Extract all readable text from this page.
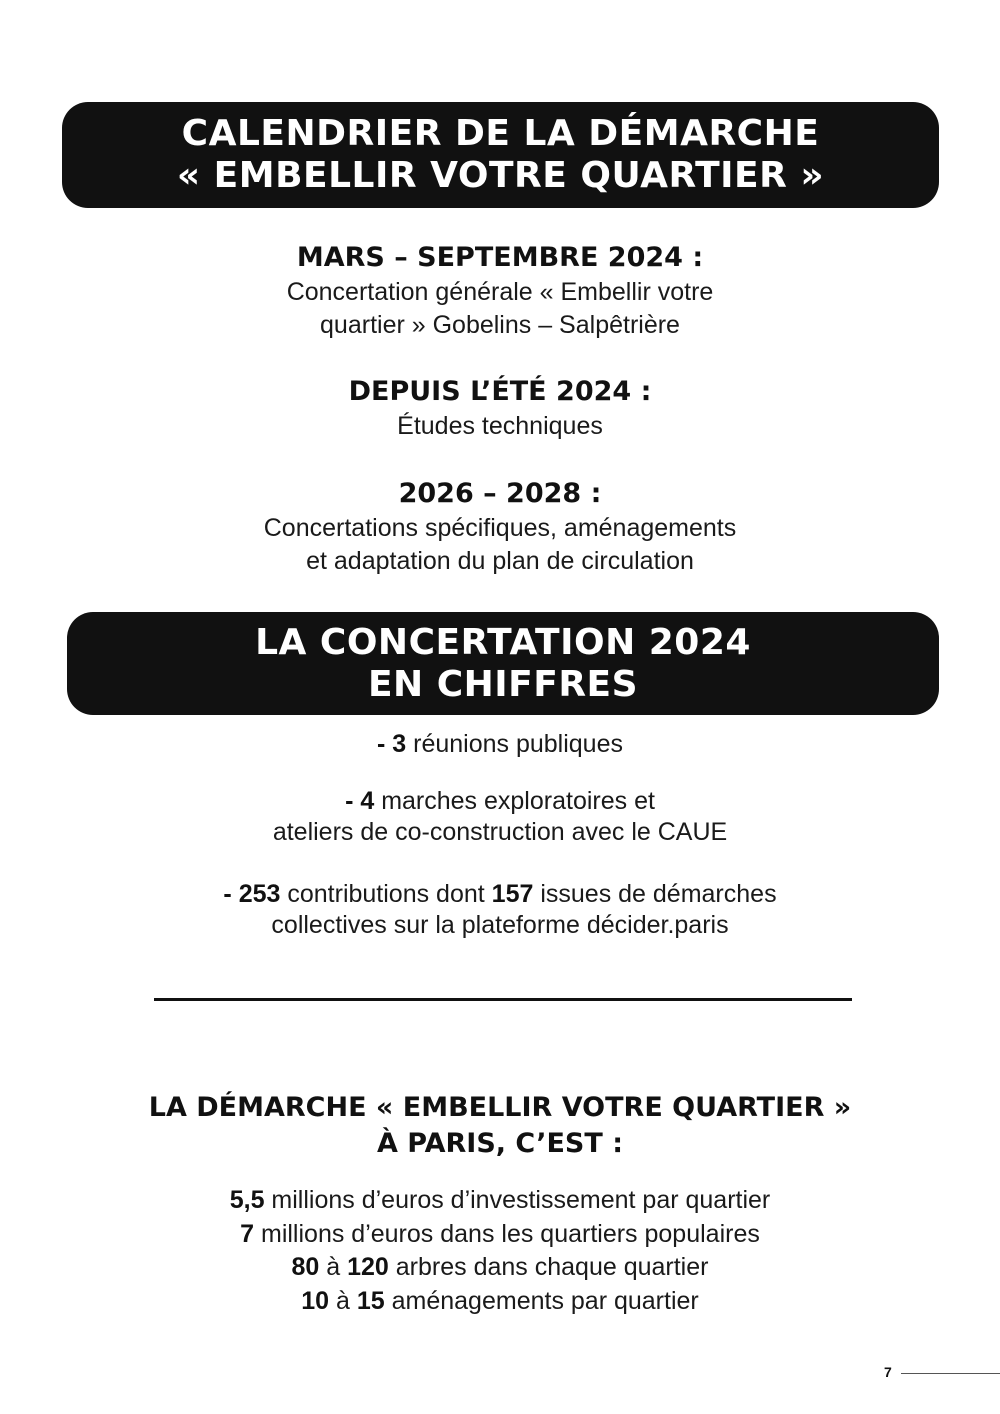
CALENDRIER DE LA DÉMARCHE
« EMBELLIR VOTRE QUARTIER »
MARS – SEPTEMBRE 2024 :
Concertation générale « Embellir votre
quartier » Gobelins – Salpêtrière
DEPUIS L’ÉTÉ 2024 :
Études techniques
2026 – 2028 :
Concertations spécifiques, aménagements
et adaptation du plan de circulation
LA CONCERTATION 2024
EN CHIFFRES
- 3 réunions publiques
- 4 marches exploratoires et
ateliers de co-construction avec le CAUE
- 253 contributions dont 157 issues de démarches
collectives sur la plateforme décider.paris
LA DÉMARCHE « EMBELLIR VOTRE QUARTIER »
À PARIS, C’EST :
5,5 millions d’euros d’investissement par quartier
7 millions d’euros dans les quartiers populaires
80 à 120 arbres dans chaque quartier
10 à 15 aménagements par quartier
7
